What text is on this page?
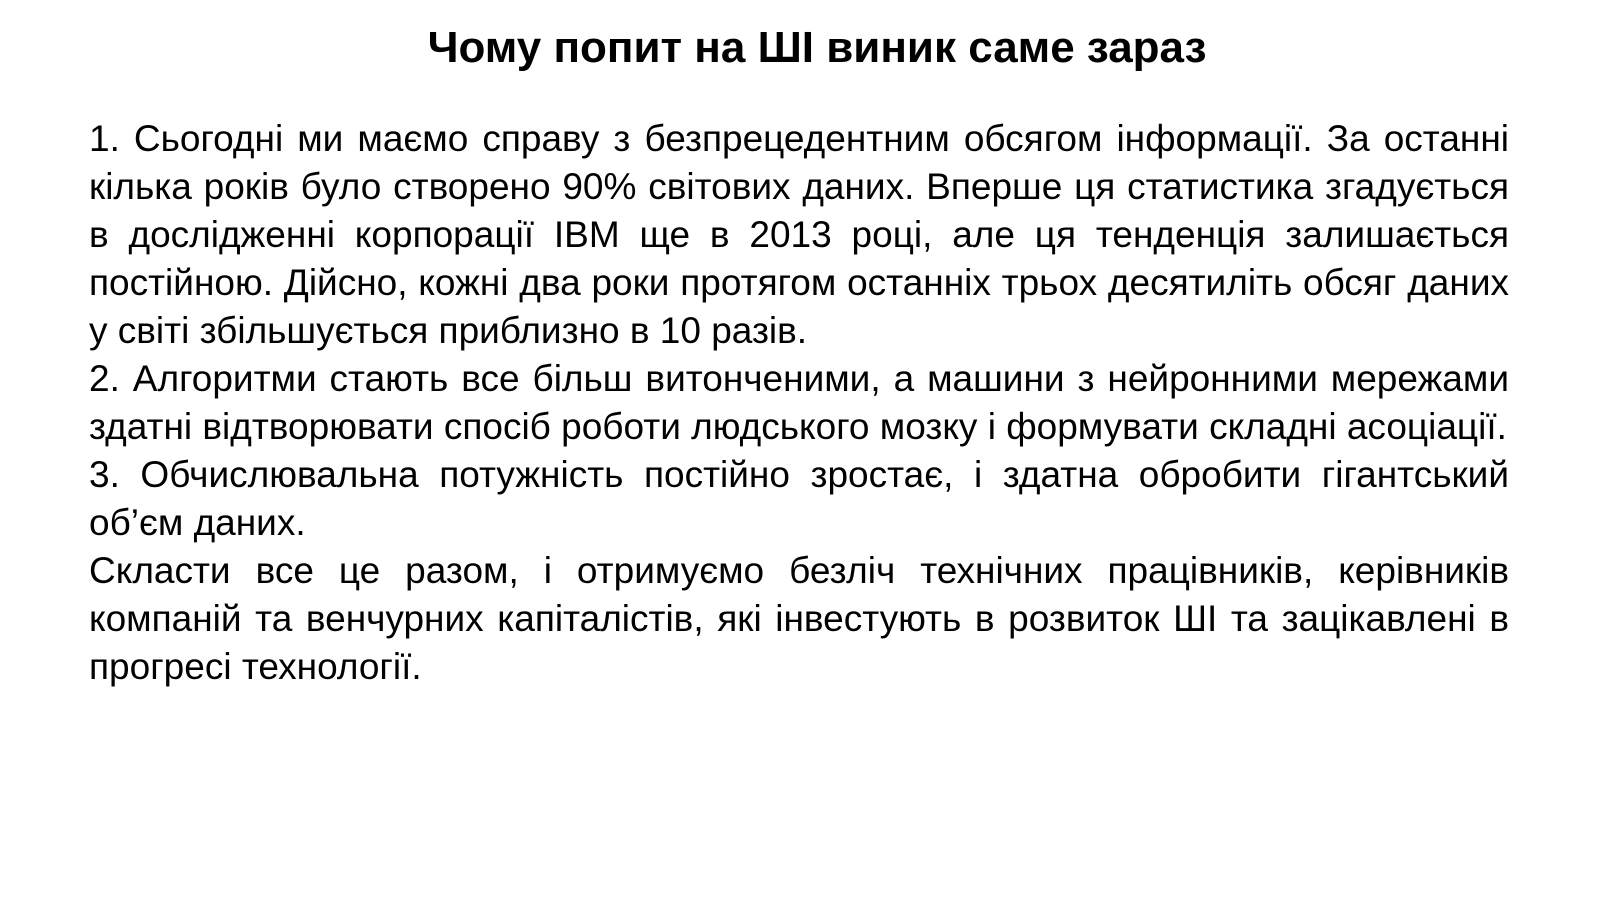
Чому попит на ШІ виник саме зараз

1. Сьогодні ми маємо справу з безпрецедентним обсягом інформації. За останні кілька років було створено 90% світових даних. Вперше ця статистика згадується в дослідженні корпорації IBM ще в 2013 році, але ця тенденція залишається постійною. Дійсно, кожні два роки протягом останніх трьох десятиліть обсяг даних у світі збільшується приблизно в 10 разів.

2. Алгоритми стають все більш витонченими, а машини з нейронними мережами здатні відтворювати спосіб роботи людського мозку і формувати складні асоціації.

3. Обчислювальна потужність постійно зростає, і здатна обробити гігантський об’єм даних.

Скласти все це разом, і отримуємо безліч технічних працівників, керівників компаній та венчурних капіталістів, які інвестують в розвиток ШІ та зацікавлені в прогресі технології.
